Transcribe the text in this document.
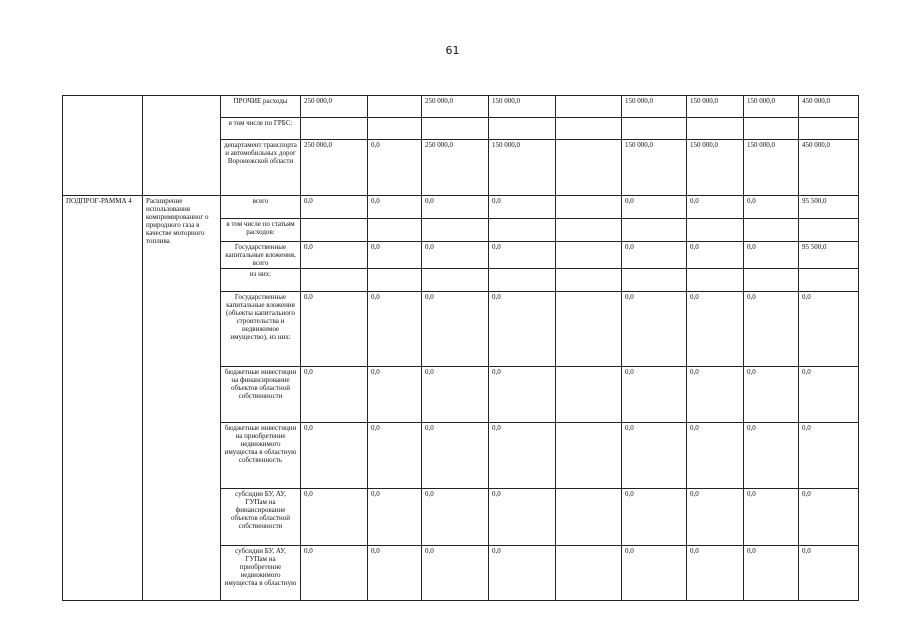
61
		ПРОЧИЕ расходы	250 000,0		250 000,0	150 000,0		150 000,0	150 000,0	150 000,0	450 000,0
		в том числе по ГРБС:									
		департамент транспорта и автомобильных дорог Воронежской области	250 000,0	0,0	250 000,0	150 000,0		150 000,0	150 000,0	150 000,0	450 000,0
ПОДПРОГ-РАММА 4	Расширение использования компримированног о природного газа в качестве моторного топлива	всего	0,0	0,0	0,0	0,0		0,0	0,0	0,0	95 500,0
		в том числе по статьям расходов:									
		Государственные капитальные вложения, всего	0,0	0,0	0,0	0,0		0,0	0,0	0,0	95 500,0
		из них:									
		Государственные капитальные вложения (объекты капитального строительства и недвижимое имущество), из них:	0,0	0,0	0,0	0,0		0,0	0,0	0,0	0,0
		бюджетные инвестиции на финансирование объектов областной собственности	0,0	0,0	0,0	0,0		0,0	0,0	0,0	0,0
		бюджетные инвестиции на приобретение недвижимого имущества в областную собственность	0,0	0,0	0,0	0,0		0,0	0,0	0,0	0,0
		субсидии БУ, АУ, ГУПам на финансирование объектов областной собственности	0,0	0,0	0,0	0,0		0,0	0,0	0,0	0,0
		субсидии БУ, АУ, ГУПам на приобретение недвижимого имущества в областную	0,0	0,0	0,0	0,0		0,0	0,0	0,0	0,0
